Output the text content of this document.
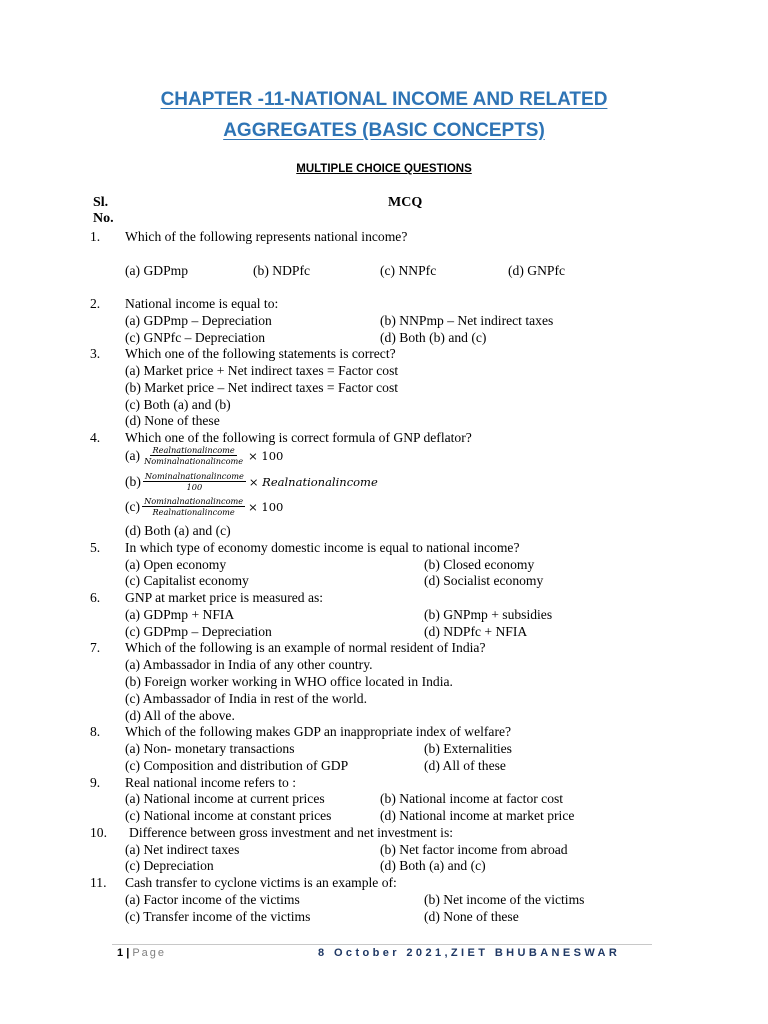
CHAPTER -11-NATIONAL INCOME AND RELATED
AGGREGATES (BASIC CONCEPTS)
MULTIPLE CHOICE QUESTIONS
Sl.
No.
MCQ
1. Which of the following represents national income?
(a) GDPmp	(b) NDPfc	(c) NNPfc	(d) GNPfc
2. National income is equal to:
(a) GDPmp – Depreciation	(b) NNPmp – Net indirect taxes
(c) GNPfc – Depreciation	(d) Both (b) and (c)
3. Which one of the following statements is correct?
(a) Market price + Net indirect taxes = Factor cost
(b) Market price – Net indirect taxes = Factor cost
(c) Both (a) and (b)
(d) None of these
4. Which one of the following is correct formula of GNP deflator?
$(a) \frac{\text{Realnationalincome}}{\text{Nominalnationalincome}} \times 100$
$(b) \frac{\text{Nominalnationalincome}}{100}$ × Realnationalincome
$(c) \frac{\text{Nominalnationalincome}}{\text{Realnationalincome}} \times 100$
(d) Both (a) and (c)
5. In which type of economy domestic income is equal to national income?
(a) Open economy	(b) Closed economy
(c) Capitalist economy	(d) Socialist economy
6. GNP at market price is measured as:
(a) GDPmp + NFIA	(b) GNPmp + subsidies
(c) GDPmp – Depreciation	(d) NDPfc + NFIA
7. Which of the following is an example of normal resident of India?
(a) Ambassador in India of any other country.
(b) Foreign worker working in WHO office located in India.
(c) Ambassador of India in rest of the world.
(d) All of the above.
8. Which of the following makes GDP an inappropriate index of welfare?
(a) Non- monetary transactions	(b) Externalities
(c) Composition and distribution of GDP	(d) All of these
9. Real national income refers to :
(a) National income at current prices	(b) National income at factor cost
(c) National income at constant prices	(d) National income at market price
10. Difference between gross investment and net investment is:
(a) Net indirect taxes	(b) Net factor income from abroad
(c) Depreciation	(d) Both (a) and (c)
11. Cash transfer to cyclone victims is an example of:
(a) Factor income of the victims	(b) Net income of the victims
(c) Transfer income of the victims	(d) None of these
1 | Page	8 October 2021,ZIET BHUBANESWAR
